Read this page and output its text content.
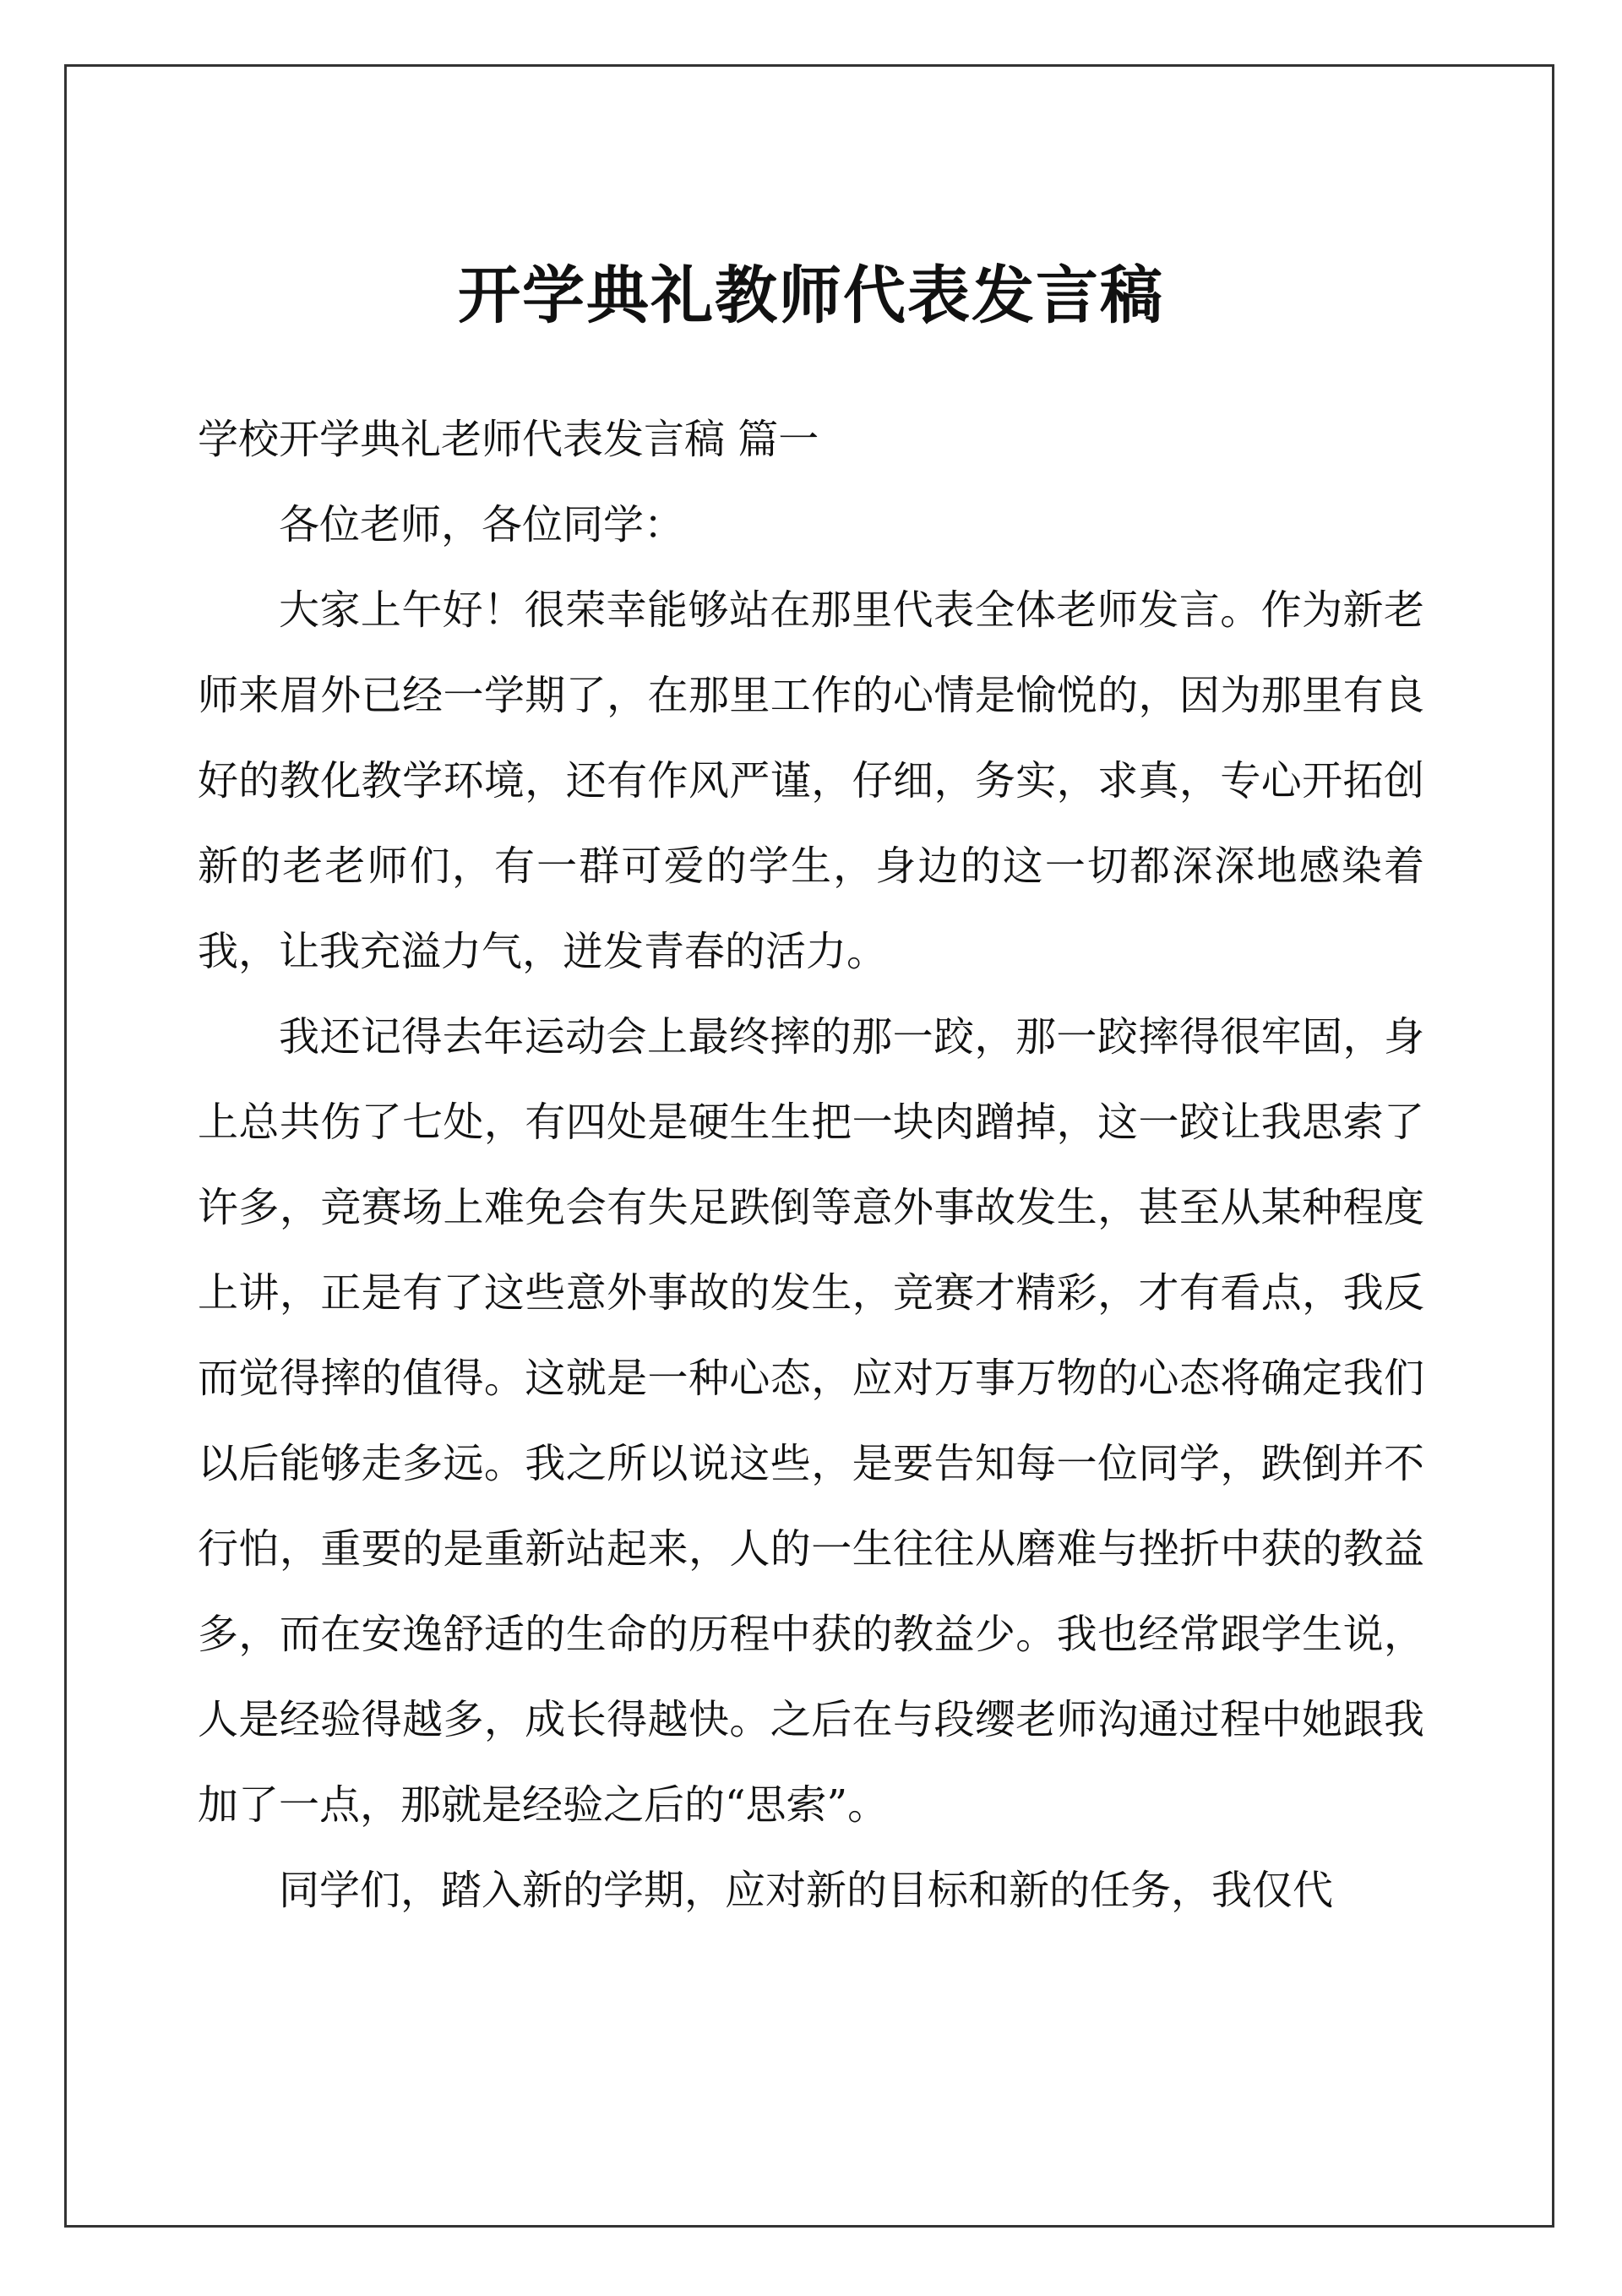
开学典礼教师代表发言稿

学校开学典礼老师代表发言稿 篇一

各位老师，各位同学：

大家上午好！很荣幸能够站在那里代表全体老师发言。作为新老师来眉外已经一学期了，在那里工作的心情是愉悦的，因为那里有良好的教化教学环境，还有作风严谨，仔细，务实，求真，专心开拓创新的老老师们，有一群可爱的学生，身边的这一切都深深地感染着我，让我充溢力气，迸发青春的活力。

我还记得去年运动会上最终摔的那一跤，那一跤摔得很牢固，身上总共伤了七处，有四处是硬生生把一块肉蹭掉，这一跤让我思索了许多，竞赛场上难免会有失足跌倒等意外事故发生，甚至从某种程度上讲，正是有了这些意外事故的发生，竞赛才精彩，才有看点，我反而觉得摔的值得。这就是一种心态，应对万事万物的心态将确定我们以后能够走多远。我之所以说这些，是要告知每一位同学，跌倒并不行怕，重要的是重新站起来，人的一生往往从磨难与挫折中获的教益多，而在安逸舒适的生命的历程中获的教益少。我也经常跟学生说，人是经验得越多，成长得越快。之后在与段缨老师沟通过程中她跟我加了一点，那就是经验之后的“思索”。

同学们，踏入新的学期，应对新的目标和新的任务，我仅代
